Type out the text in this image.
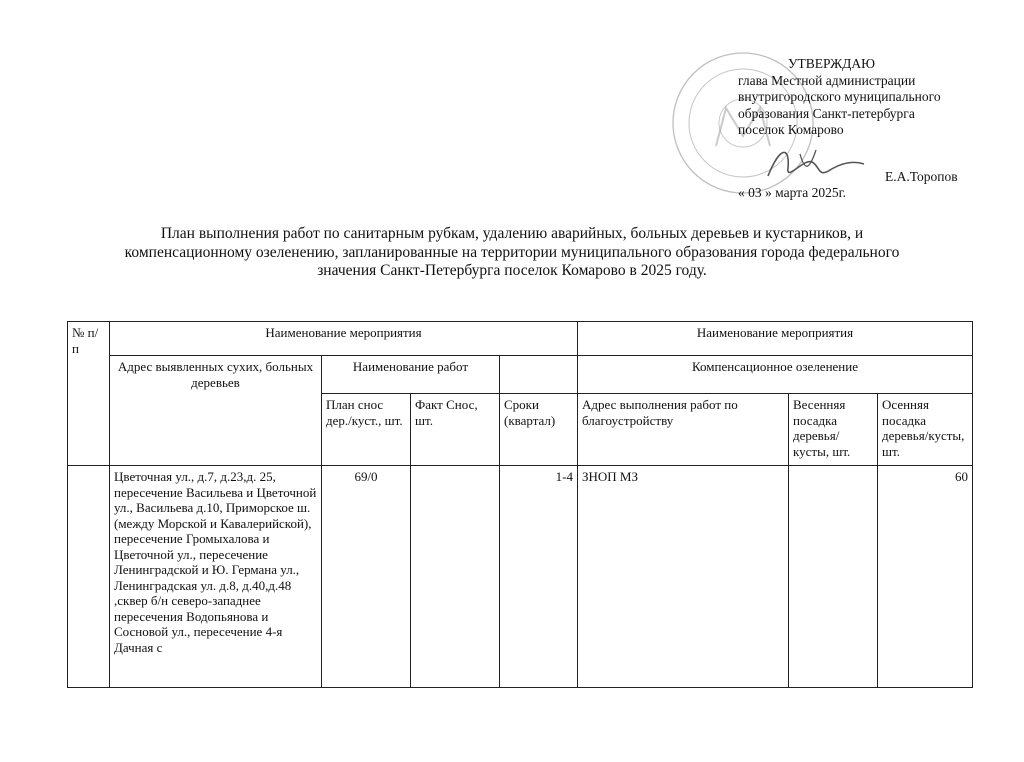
УТВЕРЖДАЮ
глава Местной администрации
внутригородского муниципального
образования Санкт-петербурга
поселок Комарово
Е.А.Торопов
« 03 » марта 2025г.
План выполнения работ по санитарным рубкам, удалению аварийных, больных деревьев и кустарников, и
компенсационному озеленению, запланированные на территории муниципального образования города федерального
значения Санкт-Петербурга поселок Комарово в 2025 году.
№ п/п	Наименование мероприятия				Наименование мероприятия		
	Адрес выявленных сухих, больных деревьев	Наименование работ			Компенсационное озеленение		
		План снос дер./куст., шт.	Факт Снос, шт.	Сроки (квартал)	Адрес выполнения работ по благоустройству	Весенняя посадка деревья/кусты, шт.	Осенняя посадка деревья/кусты, шт.
	Цветочная ул., д.7, д.23,д. 25, пересечение Васильева и Цветочной ул., Васильева д.10, Приморское ш. (между Морской и Кавалерийской), пересечение Громыхалова и Цветочной ул., пересечение Ленинградской и Ю. Германа ул., Ленинградская ул. д.8, д.40,д.48 ,сквер б/н северо-западнее пересечения Водопьянова и Сосновой ул., пересечение 4-я Дачная с	69/0		1-4	ЗНОП МЗ		60
